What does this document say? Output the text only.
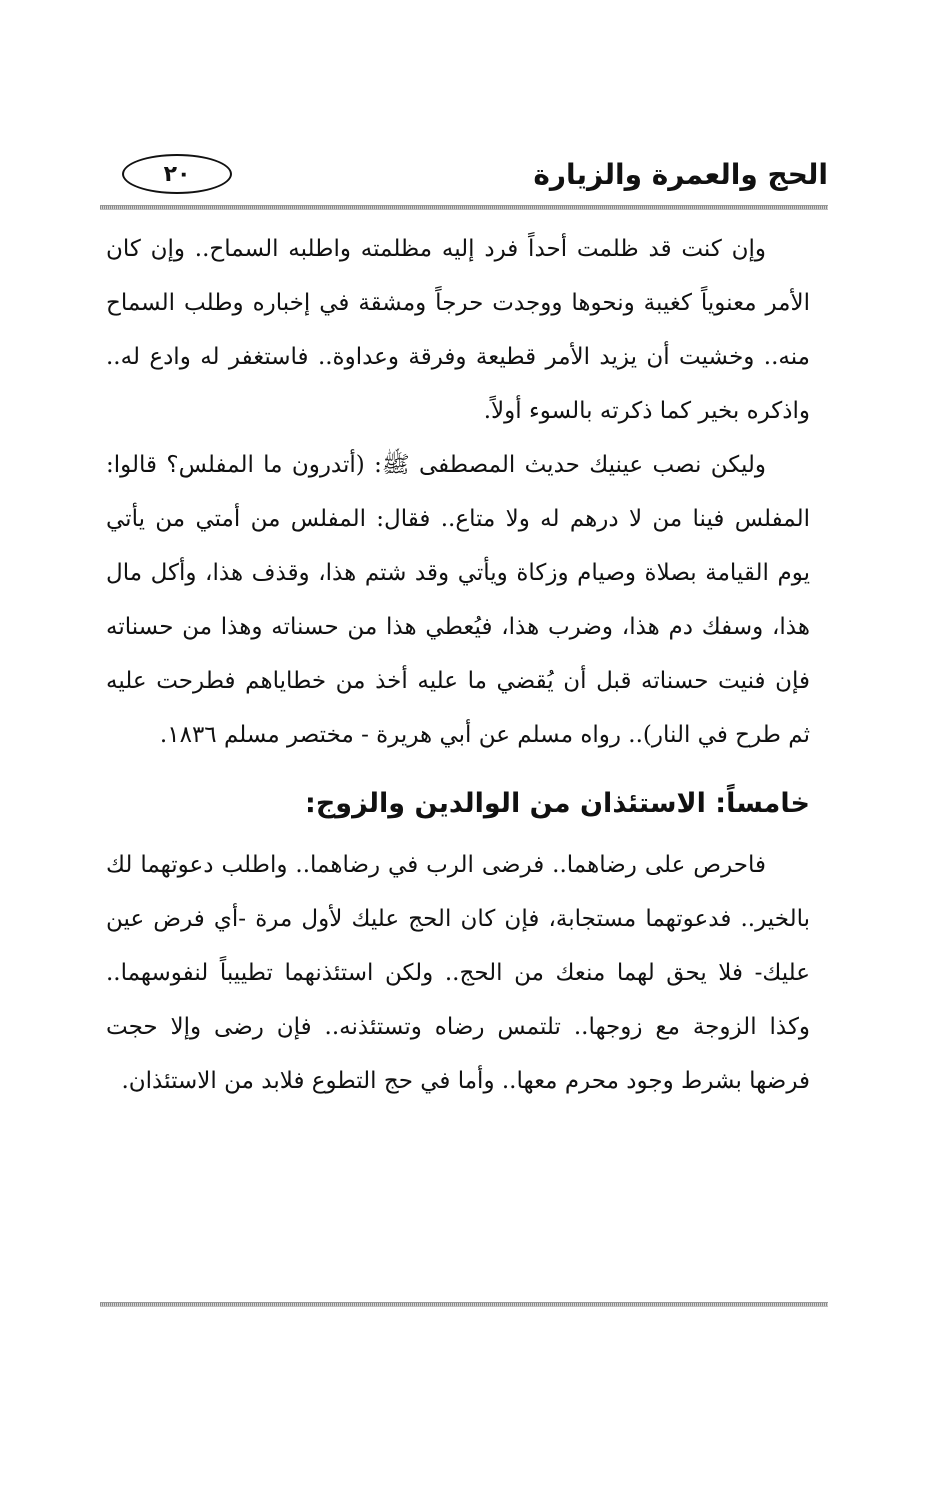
٢٠	الحج والعمرة والزيارة

وإن كنت قد ظلمت أحداً فرد إليه مظلمته واطلبه السماح.. وإن كان الأمر معنوياً كغيبة ونحوها ووجدت حرجاً ومشقة في إخباره وطلب السماح منه.. وخشيت أن يزيد الأمر قطيعة وفرقة وعداوة.. فاستغفر له وادع له.. واذكره بخير كما ذكرته بالسوء أولاً.

وليكن نصب عينيك حديث المصطفى ﷺ: (أتدرون ما المفلس؟ قالوا: المفلس فينا من لا درهم له ولا متاع.. فقال: المفلس من أمتي من يأتي يوم القيامة بصلاة وصيام وزكاة ويأتي وقد شتم هذا، وقذف هذا، وأكل مال هذا، وسفك دم هذا، وضرب هذا، فيُعطي هذا من حسناته وهذا من حسناته فإن فنيت حسناته قبل أن يُقضي ما عليه أخذ من خطاياهم فطرحت عليه ثم طرح في النار).. رواه مسلم عن أبي هريرة - مختصر مسلم ١٨٣٦.

خامساً: الاستئذان من الوالدين والزوج:

فاحرص على رضاهما.. فرضى الرب في رضاهما.. واطلب دعوتهما لك بالخير.. فدعوتهما مستجابة، فإن كان الحج عليك لأول مرة -أي فرض عين عليك- فلا يحق لهما منعك من الحج.. ولكن استئذنهما تطييباً لنفوسهما.. وكذا الزوجة مع زوجها.. تلتمس رضاه وتستئذنه.. فإن رضى وإلا حجت فرضها بشرط وجود محرم معها.. وأما في حج التطوع فلابد من الاستئذان.
